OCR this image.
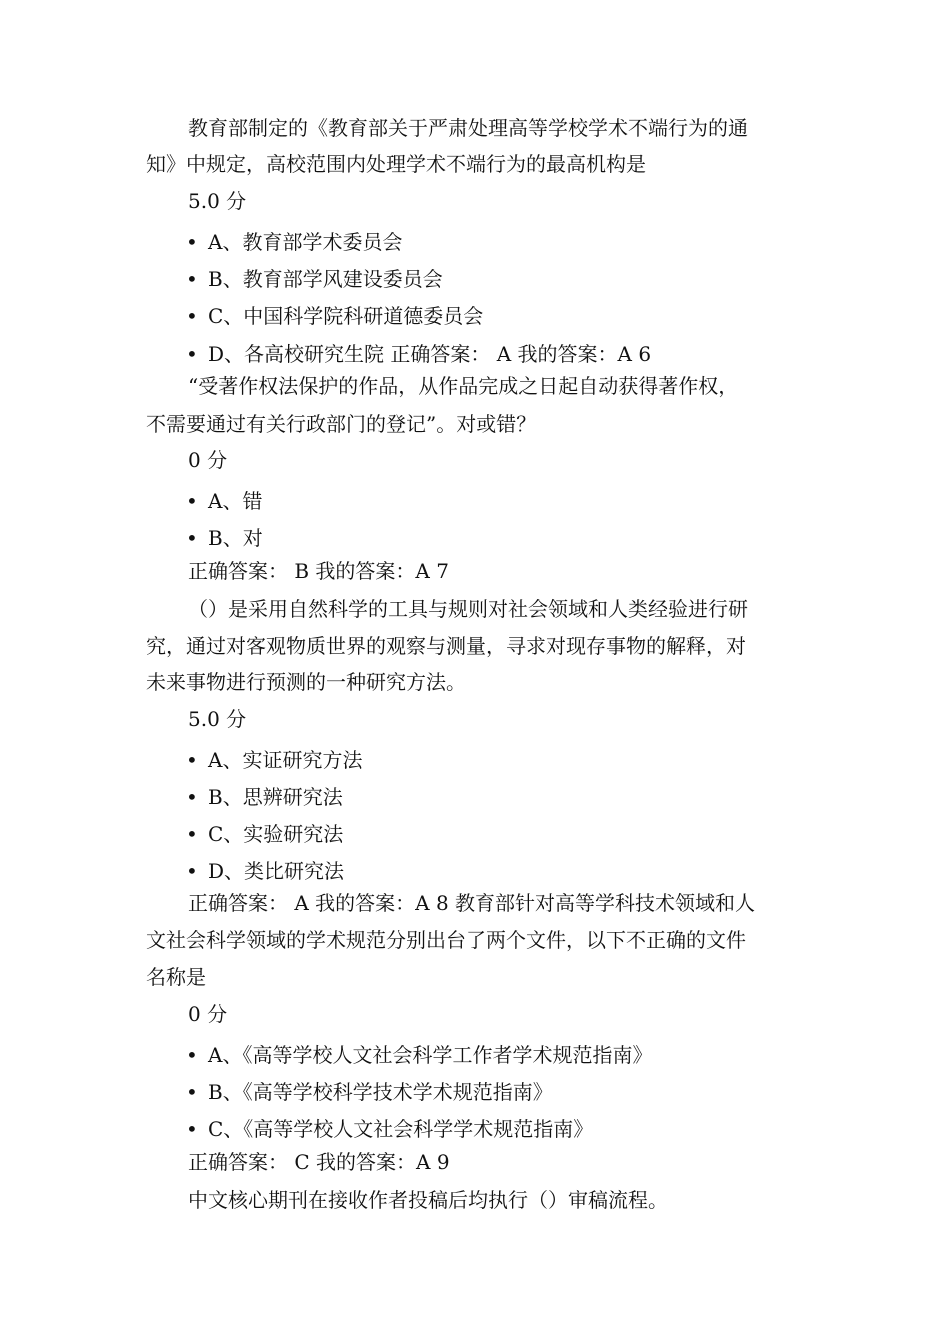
教育部制定的《教育部关于严肃处理高等学校学术不端行为的通
知》中规定，高校范围内处理学术不端行为的最高机构是
5.0 分
• A、教育部学术委员会
• B、教育部学风建设委员会
• C、中国科学院科研道德委员会
• D、各高校研究生院 正确答案： A 我的答案：A 6
“受著作权法保护的作品，从作品完成之日起自动获得著作权，
不需要通过有关行政部门的登记”。对或错？
0 分
• A、错
• B、对
正确答案： B 我的答案：A 7
（）是采用自然科学的工具与规则对社会领域和人类经验进行研
究，通过对客观物质世界的观察与测量，寻求对现存事物的解释，对
未来事物进行预测的一种研究方法。
5.0 分
• A、实证研究方法
• B、思辨研究法
• C、实验研究法
• D、类比研究法
正确答案： A 我的答案：A 8 教育部针对高等学科技术领域和人
文社会科学领域的学术规范分别出台了两个文件，以下不正确的文件
名称是
0 分
• A、《高等学校人文社会科学工作者学术规范指南》
• B、《高等学校科学技术学术规范指南》
• C、《高等学校人文社会科学学术规范指南》
正确答案： C 我的答案：A 9
中文核心期刊在接收作者投稿后均执行（）审稿流程。
